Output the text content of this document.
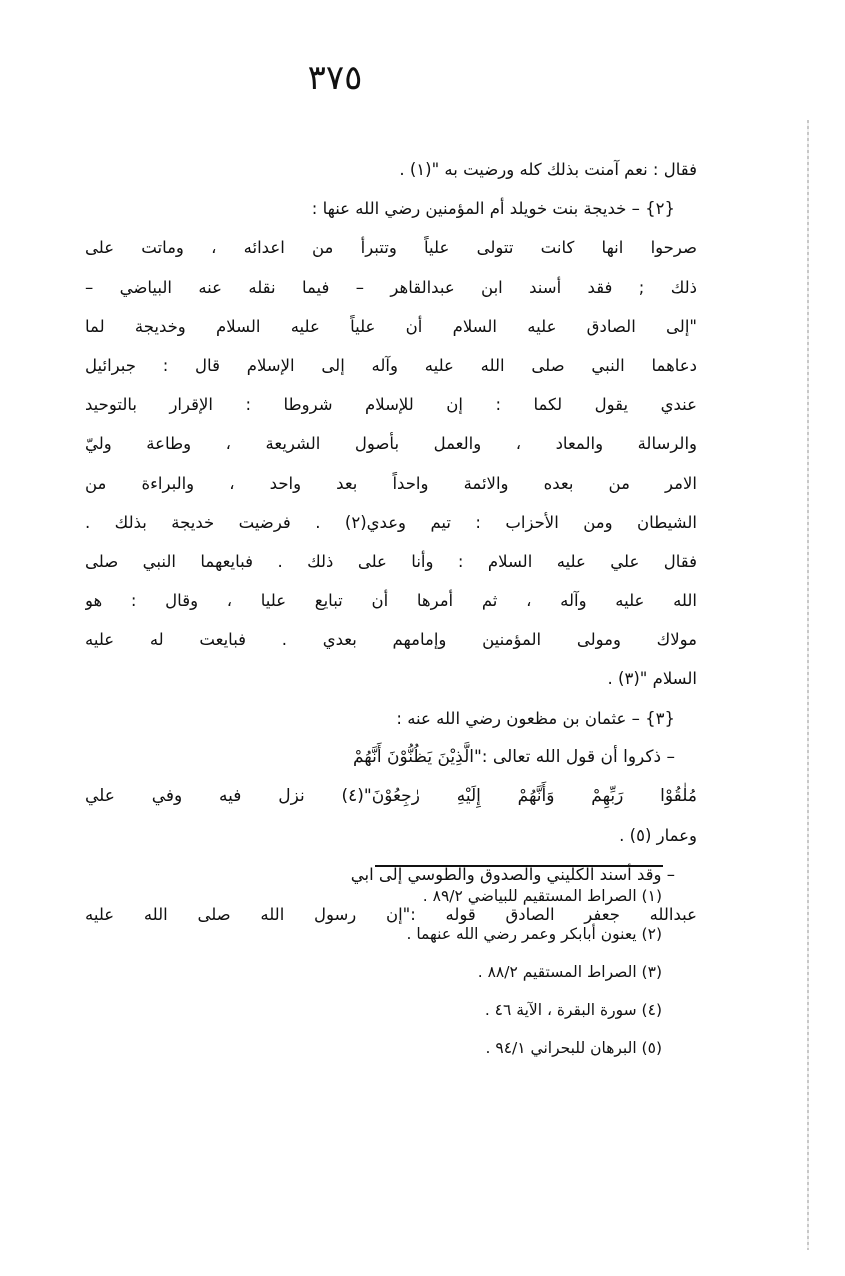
٣٧٥
فقال : نعم آمنت بذلك كله ورضيت به "(١) .
{٢} – خديجة بنت خويلد أم المؤمنين رضي الله عنها :
صرحوا انها كانت تتولى علياً وتتبرأ من اعدائه ، وماتت على
ذلك ; فقد أسند ابن عبدالقاهر – فيما نقله عنه البياضي –
"إلى الصادق عليه السلام أن علياً عليه السلام وخديجة لما
دعاهما النبي صلى الله عليه وآله إلى الإسلام قال : جبرائيل
عندي يقول لكما : إن للإسلام شروطا : الإقرار بالتوحيد
والرسالة والمعاد ، والعمل بأصول الشريعة ، وطاعة وليّ
الامر من بعده والائمة واحداً بعد واحد ، والبراءة من
الشيطان ومن الأحزاب : تيم وعدي(٢) . فرضيت خديجة بذلك .
فقال علي عليه السلام : وأنا على ذلك . فبايعهما النبي صلى
الله عليه وآله ، ثم أمرها أن تبايع عليا ، وقال : هو
مولاك ومولى المؤمنين وإمامهم بعدي . فبايعت له عليه
السلام "(٣) .
{٣} – عثمان بن مظعون رضي الله عنه :
– ذكروا أن قول الله تعالى :"الَّذِيْنَ يَظُنُّوْنَ أَنَّهُمْ
مُلٰقُوْا رَبِّهِمْ وَأَنَّهُمْ إِلَيْهِ رٰجِعُوْنَ"(٤) نزل فيه وفي علي
وعمار (٥) .
– وقد أسند الكليني والصدوق والطوسي إلى ابي
عبدالله جعفر الصادق قوله :"إن رسول الله صلى الله عليه
(١) الصراط المستقيم للبياضي ٨٩/٢ .
(٢) يعنون أبابكر وعمر رضي الله عنهما .
(٣) الصراط المستقيم ٨٨/٢ .
(٤) سورة البقرة ، الآية ٤٦ .
(٥) البرهان للبحراني ٩٤/١ .
